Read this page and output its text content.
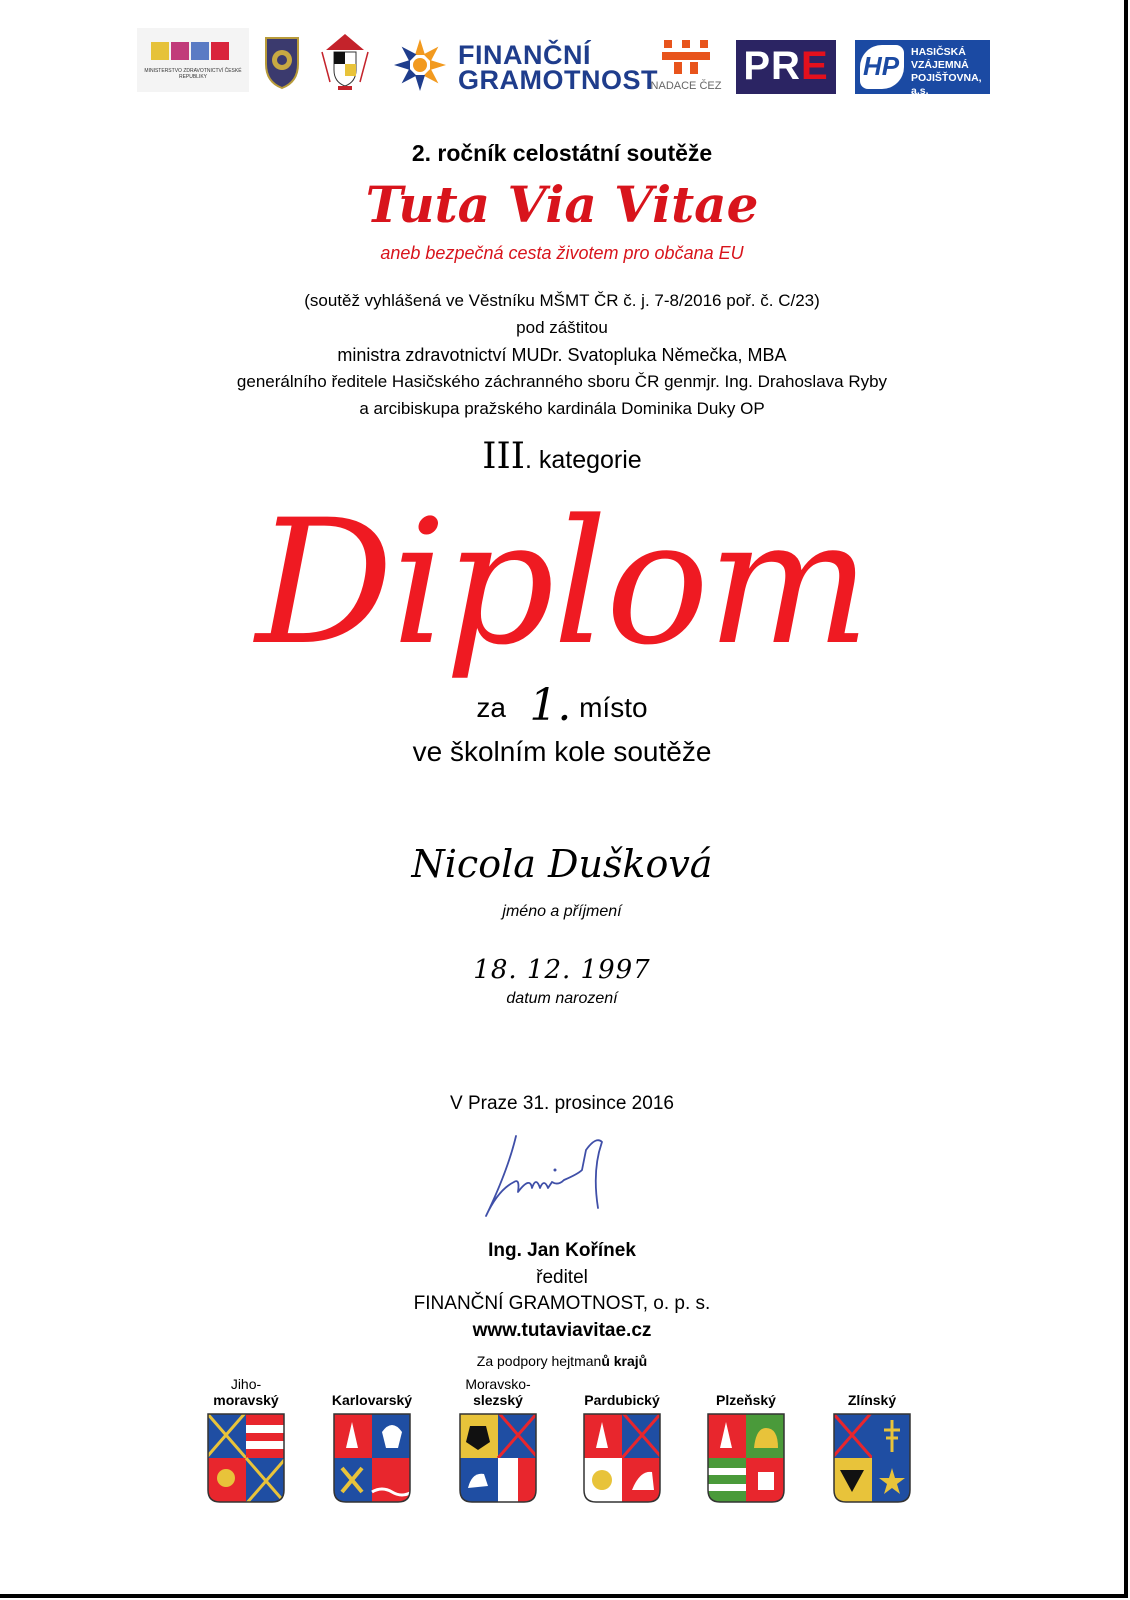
MINISTERSTVO ZDRAVOTNICTVÍ ČESKÉ REPUBLIKY
FINANČNÍ
GRAMOTNOST
NADACE ČEZ PRE HP HASIČSKÁ
VZÁJEMNÁ
POJIŠŤOVNA, a.s.
2. ročník celostátní soutěže
Tuta Via Vitae
aneb bezpečná cesta životem pro občana EU
(soutěž vyhlášená ve Věstníku MŠMT ČR č. j. 7-8/2016 poř. č. C/23)
pod záštitou
ministra zdravotnictví MUDr. Svatopluka Němečka, MBA
generálního ředitele Hasičského záchranného sboru ČR genmjr. Ing. Drahoslava Ryby
a arcibiskupa pražského kardinála Dominika Duky OP
III. kategorie
Diplom
za 1. místo
ve školním kole soutěže
Nicola Dušková
jméno a příjmení
18. 12. 1997
datum narození
V Praze 31. prosince 2016
Ing. Jan Kořínek
ředitel
FINANČNÍ GRAMOTNOST, o. p. s.
www.tutaviavitae.cz
Za podpory hejtmanů krajů
Jiho-
moravský	Karlovarský
Moravsko-
slezský	Pardubický	Plzeňský	Zlínský
